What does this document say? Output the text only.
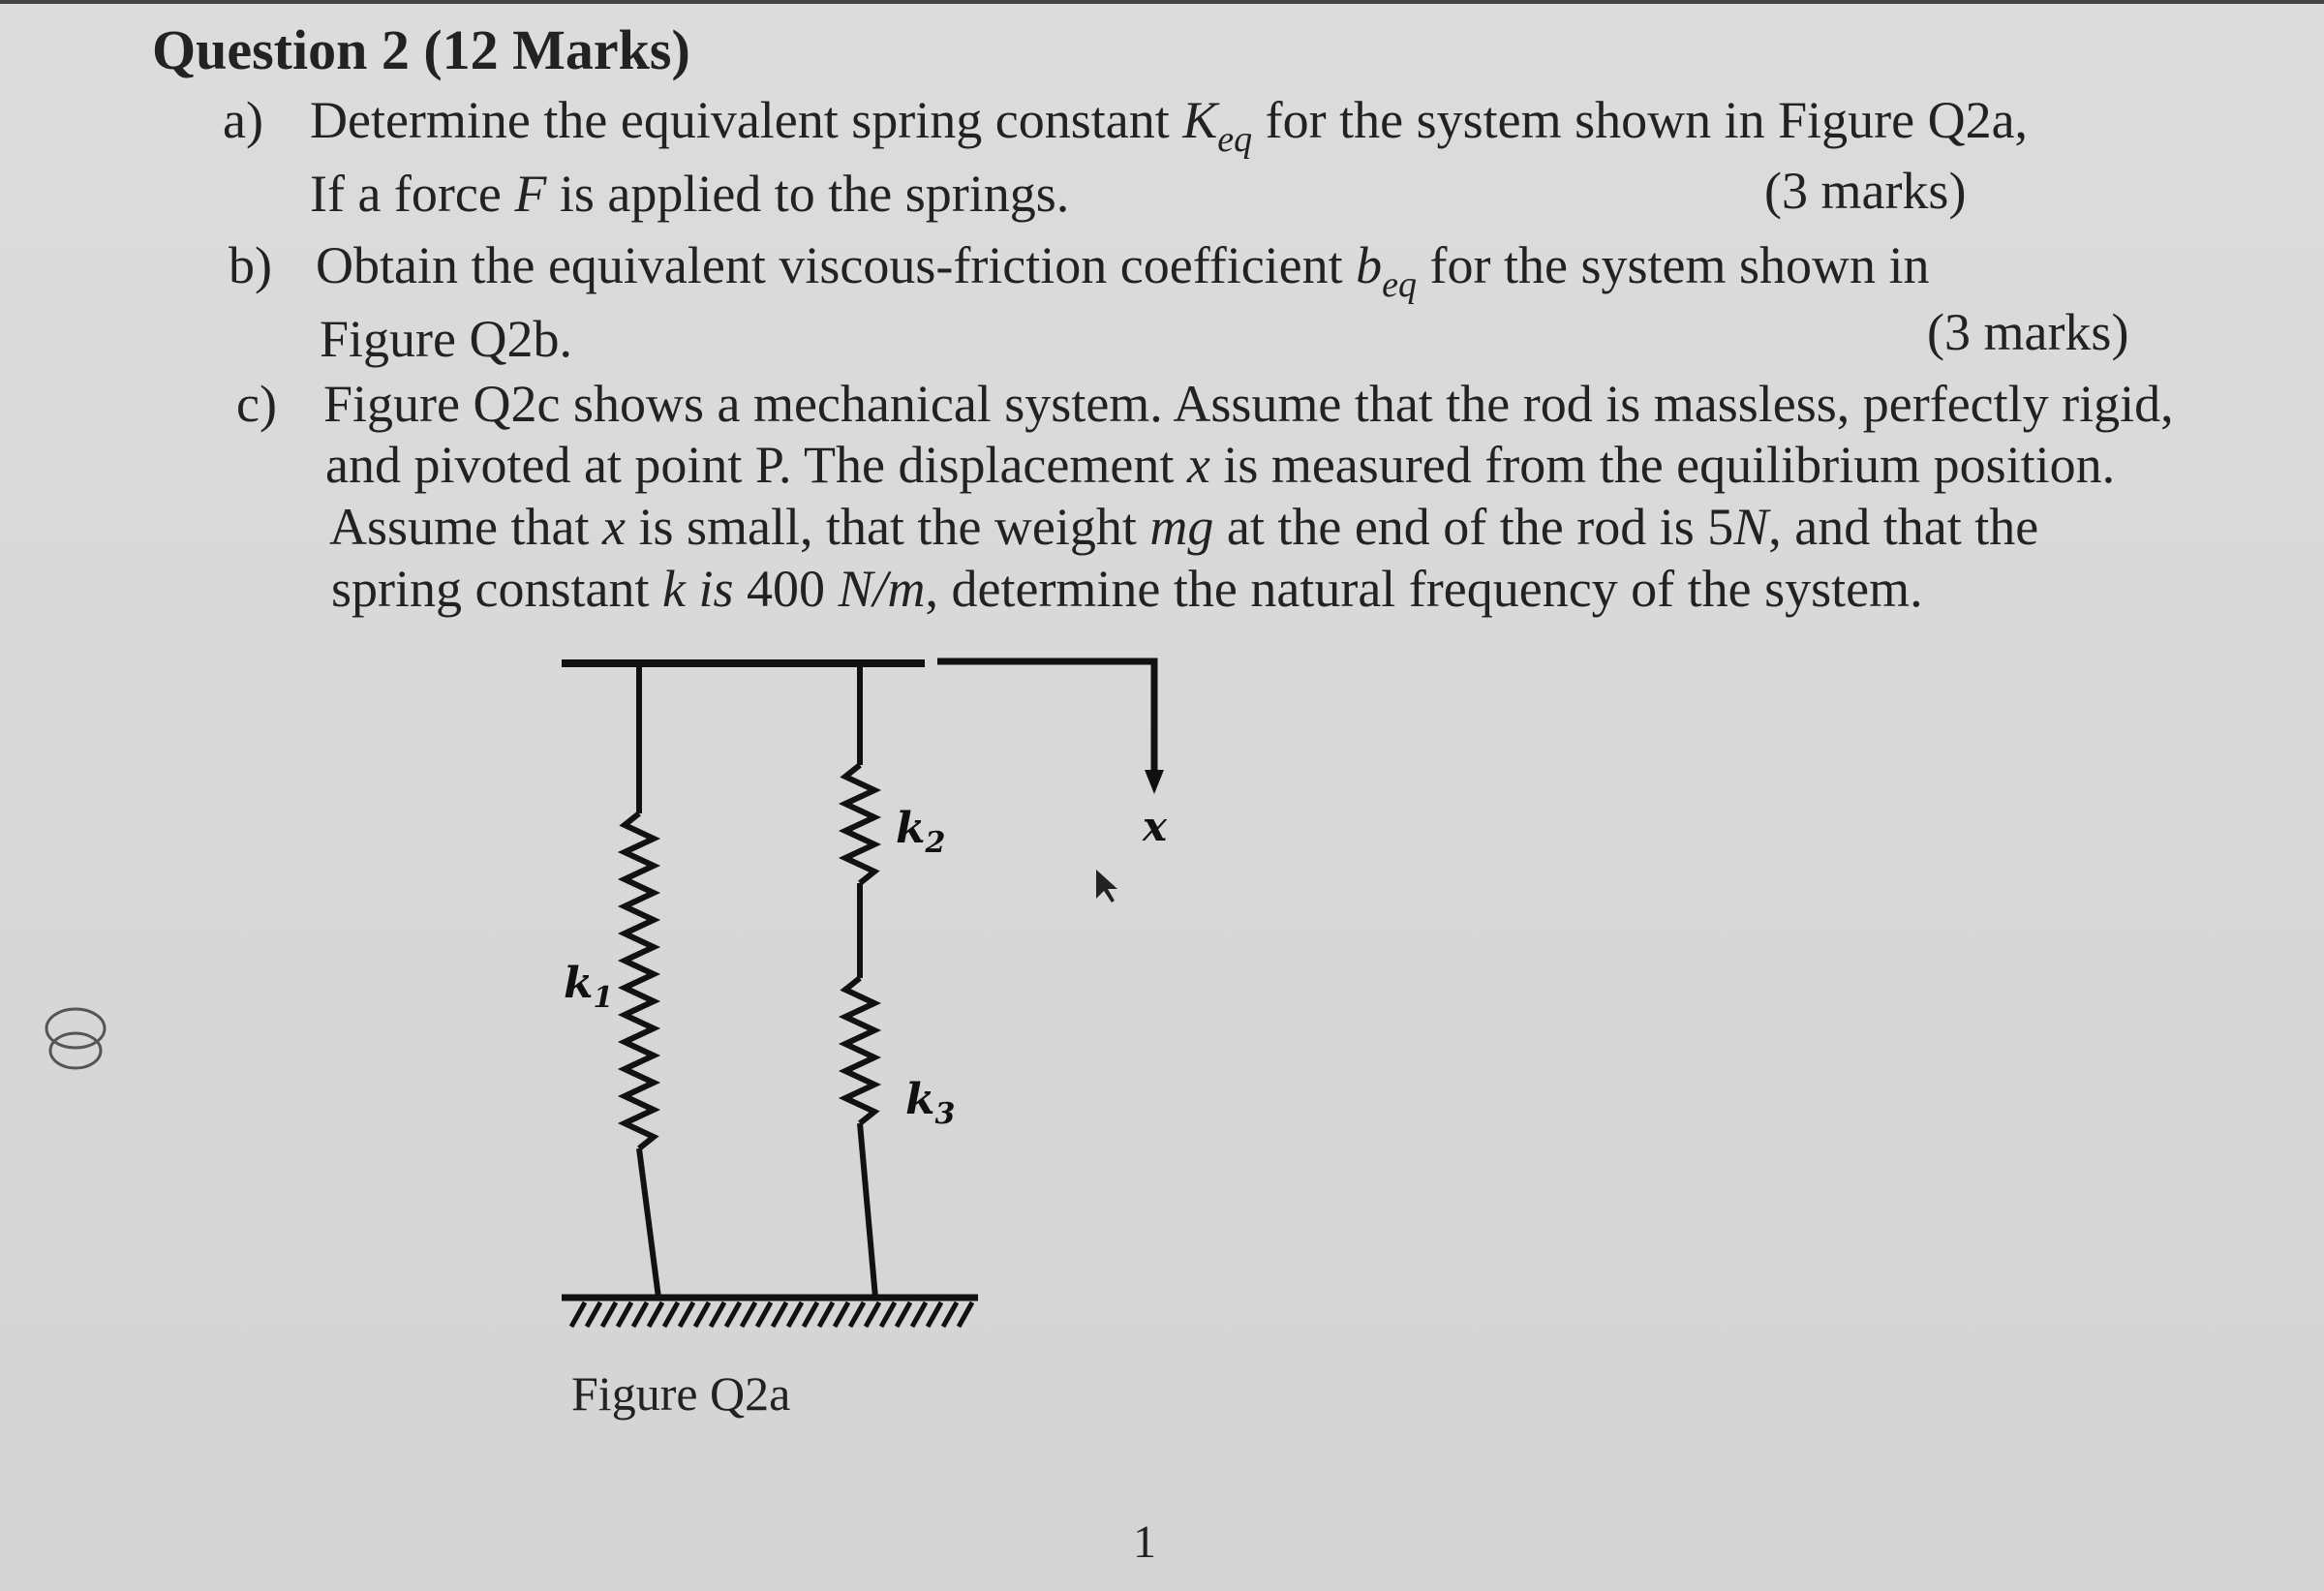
Question 2 (12 Marks)
a) Determine the equivalent spring constant $K_{eq}$ for the system shown in Figure Q2a,
If a force F is applied to the springs.	(3 marks)
b) Obtain the equivalent viscous-friction coefficient $b_{eq}$ for the system shown in
Figure Q2b.	(3 marks)
c) Figure Q2c shows a mechanical system. Assume that the rod is massless, perfectly rigid,
and pivoted at point P. The displacement x is measured from the equilibrium position.
Assume that x is small, that the weight mg at the end of the rod is 5N, and that the
spring constant k is 400 N/m, determine the natural frequency of the system.
$k_1$
$k_2$
$k_3$
x
Figure Q2a
1
